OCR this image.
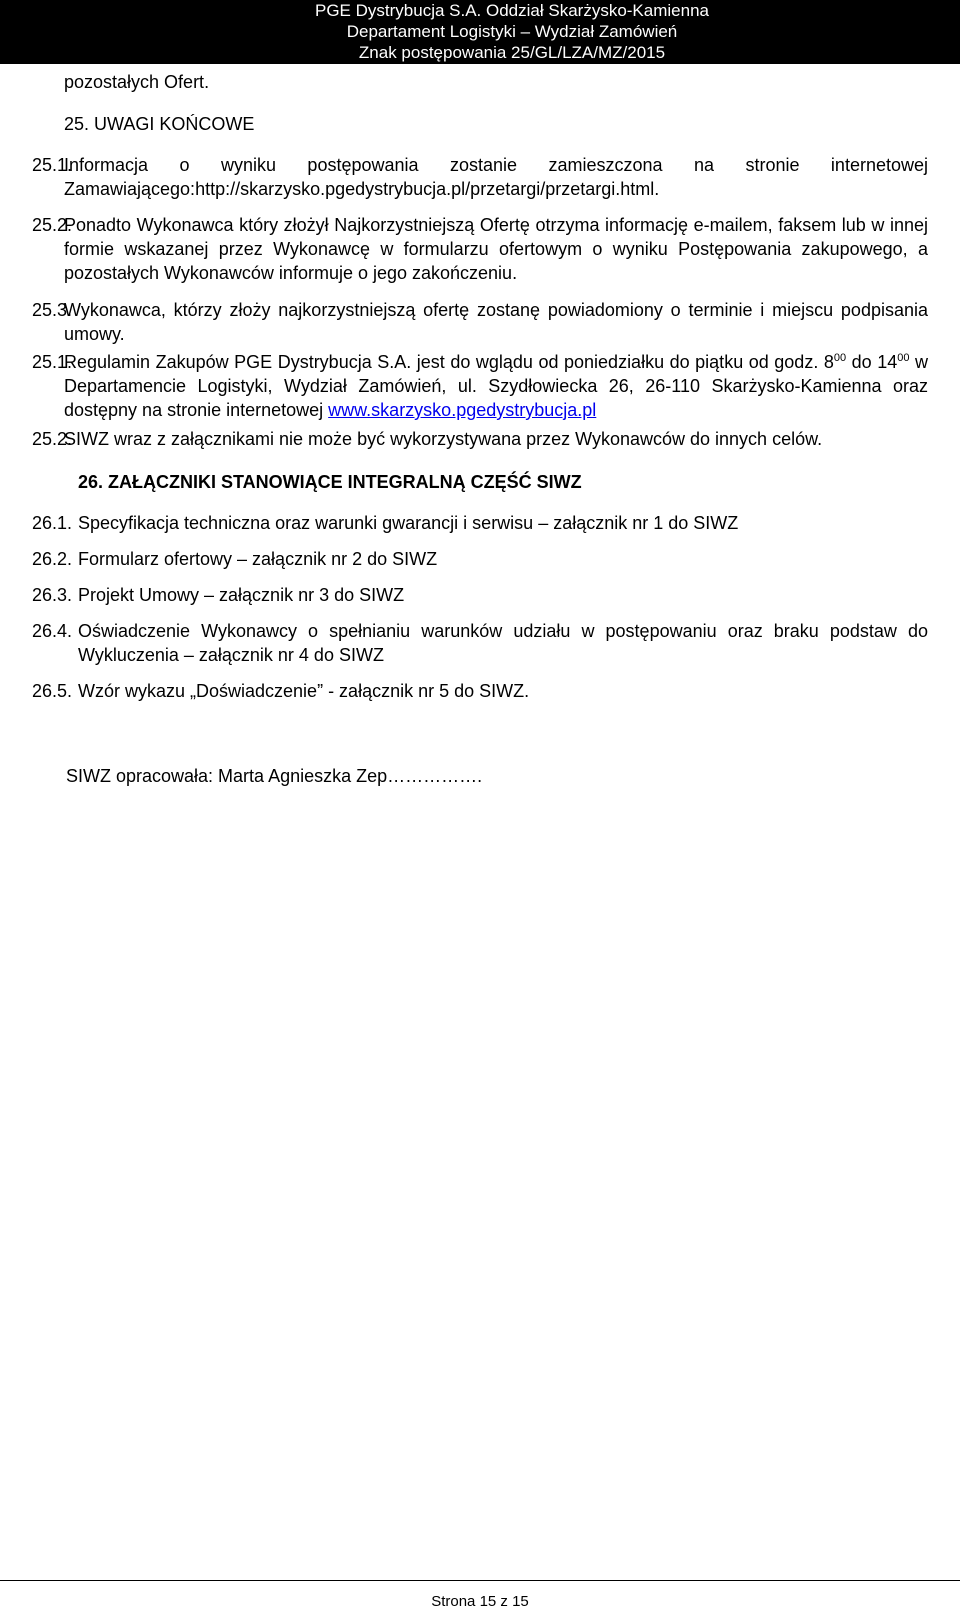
PGE Dystrybucja S.A. Oddział Skarżysko-Kamienna
Departament Logistyki – Wydział Zamówień
Znak postępowania 25/GL/LZA/MZ/2015
pozostałych Ofert.
25. UWAGI KOŃCOWE
25.1.
Informacja o wyniku postępowania zostanie zamieszczona na stronie internetowej Zamawiającego:http://skarzysko.pgedystrybucja.pl/przetargi/przetargi.html.
25.2.
Ponadto Wykonawca który złożył Najkorzystniejszą Ofertę otrzyma informację e-mailem, faksem lub w innej formie wskazanej przez Wykonawcę w formularzu ofertowym o wyniku Postępowania zakupowego, a pozostałych Wykonawców informuje o jego zakończeniu.
25.3.
Wykonawca, którzy złoży najkorzystniejszą ofertę zostanę powiadomiony o terminie i miejscu podpisania umowy.
25.1.
Regulamin Zakupów PGE Dystrybucja S.A. jest do wglądu od poniedziałku do piątku od godz. $8^{00}$ do $14^{00}$ w Departamencie Logistyki, Wydział Zamówień, ul. Szydłowiecka 26, 26-110 Skarżysko-Kamienna oraz dostępny na stronie internetowej www.skarzysko.pgedystrybucja.pl
25.2.
SIWZ wraz z załącznikami nie może być wykorzystywana przez Wykonawców do innych celów.
26. ZAŁĄCZNIKI STANOWIĄCE INTEGRALNĄ CZĘŚĆ SIWZ
26.1. Specyfikacja techniczna oraz warunki gwarancji i serwisu – załącznik nr 1 do SIWZ
26.2. Formularz ofertowy – załącznik nr 2 do SIWZ
26.3. Projekt Umowy – załącznik nr 3 do SIWZ
26.4. Oświadczenie Wykonawcy o spełnianiu warunków udziału w postępowaniu oraz braku podstaw do Wykluczenia – załącznik nr 4 do SIWZ
26.5. Wzór wykazu „Doświadczenie” - załącznik nr 5 do SIWZ.
SIWZ opracowała: Marta Agnieszka Zep…………….
Strona 15 z 15
